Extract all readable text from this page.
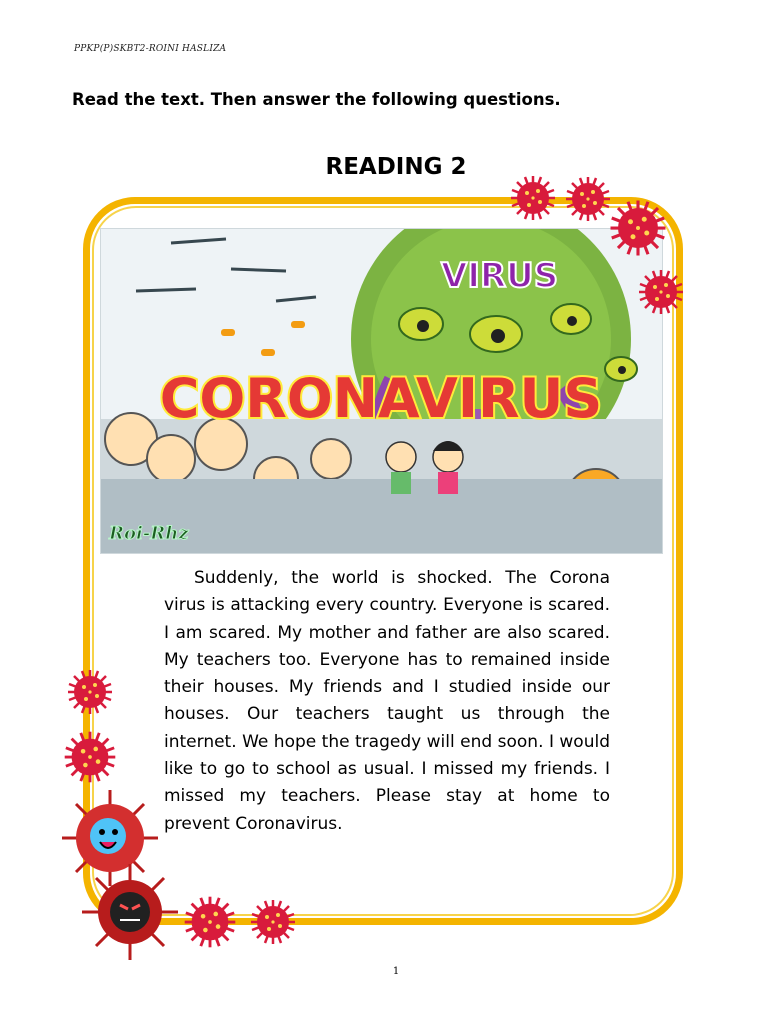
PPKP(P)SKBT2-ROINI HASLIZA
Read the text. Then answer the following questions.
READING 2
VIRUS
CORONAVIRUS
Roi-Rhz

Suddenly, the world is shocked. The Corona virus is attacking every country. Everyone is scared. I am scared. My mother and father are also scared. My teachers too. Everyone has to remained inside their houses. My friends and I studied inside our houses. Our teachers taught us through the internet. We hope the tragedy will end soon. I would like to go to school as usual. I missed my friends. I missed my teachers. Please stay at home to prevent Coronavirus.

1
